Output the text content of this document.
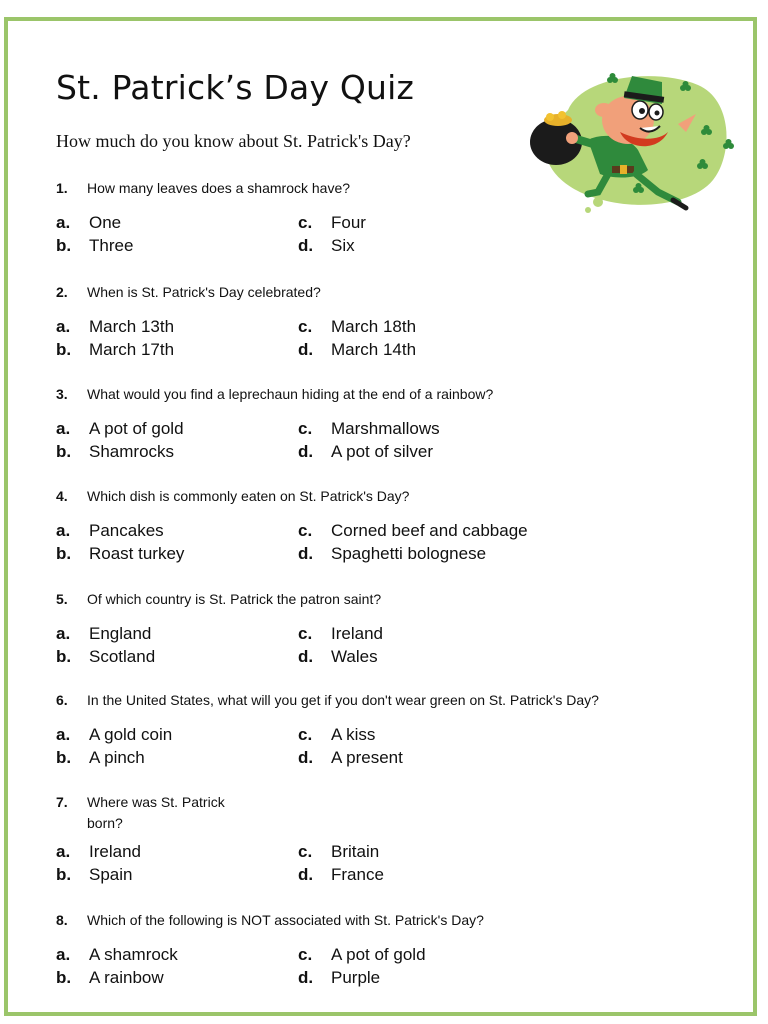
St. Patrick’s Day Quiz
How much do you know about St. Patrick's Day?
1.	How many leaves does a shamrock have?
a.	One
b.	Three
c.	Four
d.	Six
2.	When is St. Patrick's Day celebrated?
a.	March 13th
b.	March 17th
c.	March 18th
d.	March 14th
3.	What would you find a leprechaun hiding at the end of a rainbow?
a.	A pot of gold
b.	Shamrocks
c.	Marshmallows
d.	A pot of silver
4.	Which dish is commonly eaten on St. Patrick's Day?
a.	Pancakes
b.	Roast turkey
c.	Corned beef and cabbage
d.	Spaghetti bolognese
5.	Of which country is St. Patrick the patron saint?
a.	England
b.	Scotland
c.	Ireland
d.	Wales
6.	In the United States, what will you get if you don't wear green on St. Patrick's Day?
a.	A gold coin
b.	A pinch
c.	A kiss
d.	A present
7.	Where was St. Patrick born?
a.	Ireland
b.	Spain
c.	Britain
d.	France
8.	Which of the following is NOT associated with St. Patrick's Day?
a.	A shamrock
b.	A rainbow
c.	A pot of gold
d.	Purple
